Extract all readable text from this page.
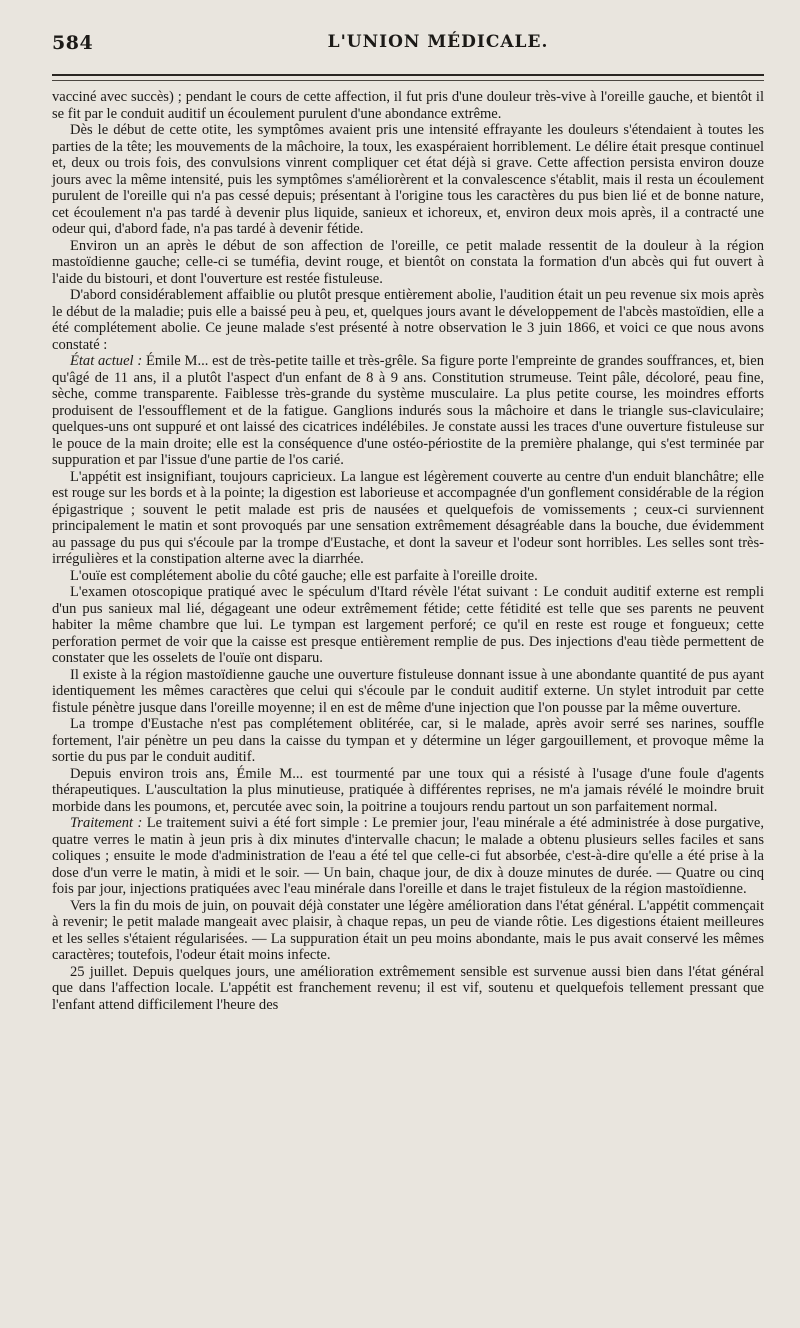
584	L'UNION MÉDICALE.

vacciné avec succès) ; pendant le cours de cette affection, il fut pris d'une douleur très-vive à l'oreille gauche, et bientôt il se fit par le conduit auditif un écoulement purulent d'une abondance extrême.

Dès le début de cette otite, les symptômes avaient pris une intensité effrayante les douleurs s'étendaient à toutes les parties de la tête; les mouvements de la mâchoire, la toux, les exaspéraient horriblement. Le délire était presque continuel et, deux ou trois fois, des convulsions vinrent compliquer cet état déjà si grave. Cette affection persista environ douze jours avec la même intensité, puis les symptômes s'améliorèrent et la convalescence s'établit, mais il resta un écoulement purulent de l'oreille qui n'a pas cessé depuis; présentant à l'origine tous les caractères du pus bien lié et de bonne nature, cet écoulement n'a pas tardé à devenir plus liquide, sanieux et ichoreux, et, environ deux mois après, il a contracté une odeur qui, d'abord fade, n'a pas tardé à devenir fétide.

Environ un an après le début de son affection de l'oreille, ce petit malade ressentit de la douleur à la région mastoïdienne gauche; celle-ci se tuméfia, devint rouge, et bientôt on constata la formation d'un abcès qui fut ouvert à l'aide du bistouri, et dont l'ouverture est restée fistuleuse.

D'abord considérablement affaiblie ou plutôt presque entièrement abolie, l'audition était un peu revenue six mois après le début de la maladie; puis elle a baissé peu à peu, et, quelques jours avant le développement de l'abcès mastoïdien, elle a été complétement abolie. Ce jeune malade s'est présenté à notre observation le 3 juin 1866, et voici ce que nous avons constaté :

État actuel : Émile M... est de très-petite taille et très-grêle. Sa figure porte l'empreinte de grandes souffrances, et, bien qu'âgé de 11 ans, il a plutôt l'aspect d'un enfant de 8 à 9 ans. Constitution strumeuse. Teint pâle, décoloré, peau fine, sèche, comme transparente. Faiblesse très-grande du système musculaire. La plus petite course, les moindres efforts produisent de l'essoufflement et de la fatigue. Ganglions indurés sous la mâchoire et dans le triangle sus-claviculaire; quelques-uns ont suppuré et ont laissé des cicatrices indélébiles. Je constate aussi les traces d'une ouverture fistuleuse sur le pouce de la main droite; elle est la conséquence d'une ostéo-périostite de la première phalange, qui s'est terminée par suppuration et par l'issue d'une partie de l'os carié.

L'appétit est insignifiant, toujours capricieux. La langue est légèrement couverte au centre d'un enduit blanchâtre; elle est rouge sur les bords et à la pointe; la digestion est laborieuse et accompagnée d'un gonflement considérable de la région épigastrique ; souvent le petit malade est pris de nausées et quelquefois de vomissements ; ceux-ci surviennent principalement le matin et sont provoqués par une sensation extrêmement désagréable dans la bouche, due évidemment au passage du pus qui s'écoule par la trompe d'Eustache, et dont la saveur et l'odeur sont horribles. Les selles sont très-irrégulières et la constipation alterne avec la diarrhée.

L'ouïe est complétement abolie du côté gauche; elle est parfaite à l'oreille droite.

L'examen otoscopique pratiqué avec le spéculum d'Itard révèle l'état suivant : Le conduit auditif externe est rempli d'un pus sanieux mal lié, dégageant une odeur extrêmement fétide; cette fétidité est telle que ses parents ne peuvent habiter la même chambre que lui. Le tympan est largement perforé; ce qu'il en reste est rouge et fongueux; cette perforation permet de voir que la caisse est presque entièrement remplie de pus. Des injections d'eau tiède permettent de constater que les osselets de l'ouïe ont disparu.

Il existe à la région mastoïdienne gauche une ouverture fistuleuse donnant issue à une abondante quantité de pus ayant identiquement les mêmes caractères que celui qui s'écoule par le conduit auditif externe. Un stylet introduit par cette fistule pénètre jusque dans l'oreille moyenne; il en est de même d'une injection que l'on pousse par la même ouverture.

La trompe d'Eustache n'est pas complétement oblitérée, car, si le malade, après avoir serré ses narines, souffle fortement, l'air pénètre un peu dans la caisse du tympan et y détermine un léger gargouillement, et provoque même la sortie du pus par le conduit auditif.

Depuis environ trois ans, Émile M... est tourmenté par une toux qui a résisté à l'usage d'une foule d'agents thérapeutiques. L'auscultation la plus minutieuse, pratiquée à différentes reprises, ne m'a jamais révélé le moindre bruit morbide dans les poumons, et, percutée avec soin, la poitrine a toujours rendu partout un son parfaitement normal.

Traitement : Le traitement suivi a été fort simple : Le premier jour, l'eau minérale a été administrée à dose purgative, quatre verres le matin à jeun pris à dix minutes d'intervalle chacun; le malade a obtenu plusieurs selles faciles et sans coliques ; ensuite le mode d'administration de l'eau a été tel que celle-ci fut absorbée, c'est-à-dire qu'elle a été prise à la dose d'un verre le matin, à midi et le soir. — Un bain, chaque jour, de dix à douze minutes de durée. — Quatre ou cinq fois par jour, injections pratiquées avec l'eau minérale dans l'oreille et dans le trajet fistuleux de la région mastoïdienne.

Vers la fin du mois de juin, on pouvait déjà constater une légère amélioration dans l'état général. L'appétit commençait à revenir; le petit malade mangeait avec plaisir, à chaque repas, un peu de viande rôtie. Les digestions étaient meilleures et les selles s'étaient régularisées. — La suppuration était un peu moins abondante, mais le pus avait conservé les mêmes caractères; toutefois, l'odeur était moins infecte.

25 juillet. Depuis quelques jours, une amélioration extrêmement sensible est survenue aussi bien dans l'état général que dans l'affection locale. L'appétit est franchement revenu; il est vif, soutenu et quelquefois tellement pressant que l'enfant attend difficilement l'heure des
